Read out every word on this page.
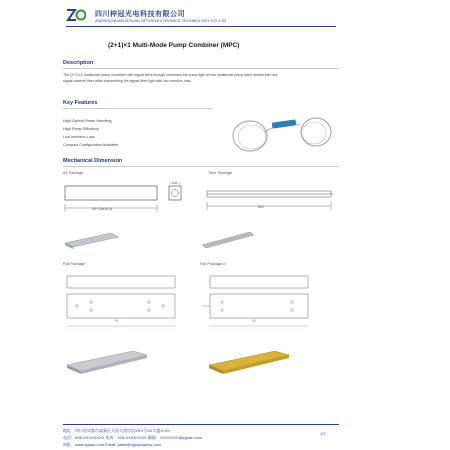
四川梓冠光电科技有限公司
ZHONGCHUAN ZIGUAN OPTOELECTRONICS TECHNOLOGY CO.,LTD
(2+1)×1 Multi-Mode Pump Combiner (MPC)
Description
The (2+1)×1 multimode pump combiner with signal feed-through combines the pump light of two multimode pump laser diodes into one
signal channel fiber while transmitting the signal fiber light with low insertion loss.
Key Features
High Optical Power Handling
High Pump Efficiency
Low Insertion Loss
Compact Configuration Available
Mechanical Dimension
A4 Package	Tube Package
50~135(±0.5)
4.0
600
Flat Package	Flat Package-II
76	30
地址：四川省成都市高新区天府大道中段XXX号XX大厦X-XX
电话：028-XXXXXXXX 传真：028-XXXXXXXX 邮箱：XXXXXXX@zguan.com
网址：www.zguan.com Email: sales@zguanoptics.com
1/2
